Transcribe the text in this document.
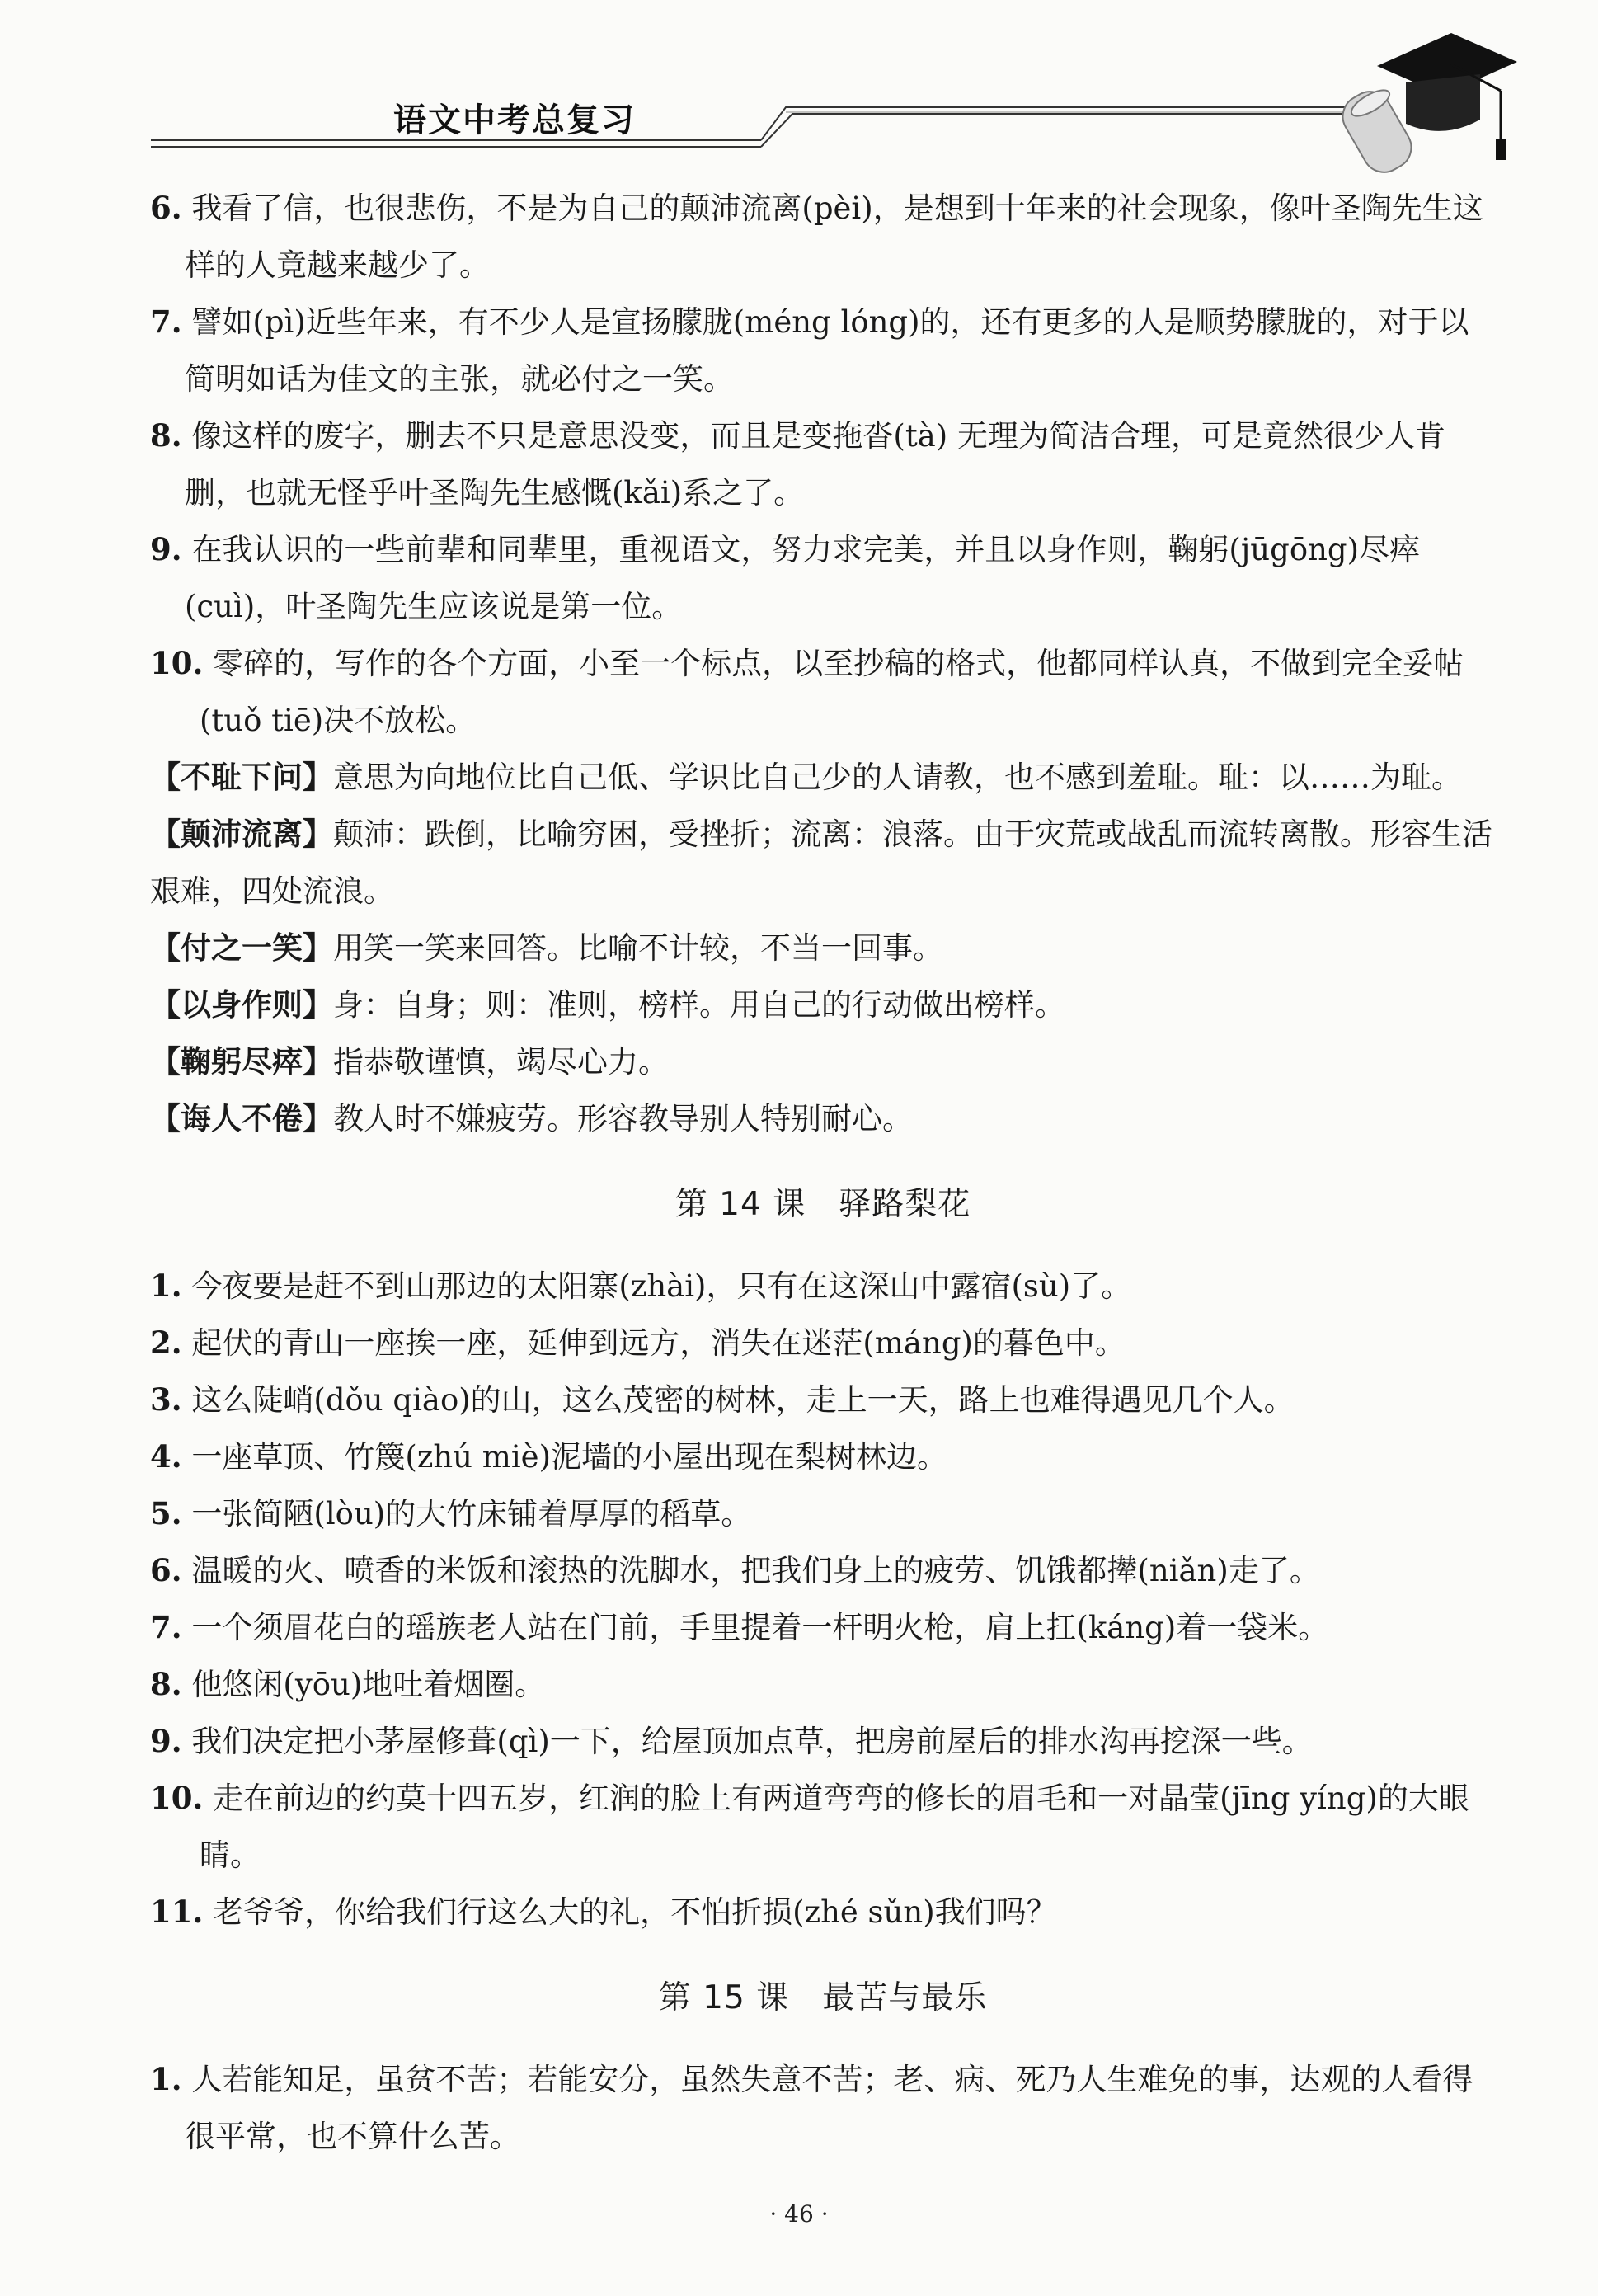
语文中考总复习

6. 我看了信，也很悲伤，不是为自己的颠沛流离(pèi)，是想到十年来的社会现象，像叶圣陶先生这样的人竟越来越少了。

7. 譬如(pì)近些年来，有不少人是宣扬朦胧(méng lóng)的，还有更多的人是顺势朦胧的，对于以简明如话为佳文的主张，就必付之一笑。

8. 像这样的废字，删去不只是意思没变，而且是变拖沓(tà) 无理为简洁合理，可是竟然很少人肯删，也就无怪乎叶圣陶先生感慨(kǎi)系之了。

9. 在我认识的一些前辈和同辈里，重视语文，努力求完美，并且以身作则，鞠躬(jūgōng)尽瘁(cuì)，叶圣陶先生应该说是第一位。

10. 零碎的，写作的各个方面，小至一个标点，以至抄稿的格式，他都同样认真，不做到完全妥帖(tuǒ tiē)决不放松。

【不耻下问】意思为向地位比自己低、学识比自己少的人请教，也不感到羞耻。耻：以……为耻。

【颠沛流离】颠沛：跌倒，比喻穷困，受挫折；流离：浪落。由于灾荒或战乱而流转离散。形容生活艰难，四处流浪。

【付之一笑】用笑一笑来回答。比喻不计较，不当一回事。

【以身作则】身：自身；则：准则，榜样。用自己的行动做出榜样。

【鞠躬尽瘁】指恭敬谨慎，竭尽心力。

【诲人不倦】教人时不嫌疲劳。形容教导别人特别耐心。

第 14 课 驿路梨花

1. 今夜要是赶不到山那边的太阳寨(zhài)，只有在这深山中露宿(sù)了。

2. 起伏的青山一座挨一座，延伸到远方，消失在迷茫(máng)的暮色中。

3. 这么陡峭(dǒu qiào)的山，这么茂密的树林，走上一天，路上也难得遇见几个人。

4. 一座草顶、竹篾(zhú miè)泥墙的小屋出现在梨树林边。

5. 一张简陋(lòu)的大竹床铺着厚厚的稻草。

6. 温暖的火、喷香的米饭和滚热的洗脚水，把我们身上的疲劳、饥饿都撵(niǎn)走了。

7. 一个须眉花白的瑶族老人站在门前，手里提着一杆明火枪，肩上扛(káng)着一袋米。

8. 他悠闲(yōu)地吐着烟圈。

9. 我们决定把小茅屋修葺(qì)一下，给屋顶加点草，把房前屋后的排水沟再挖深一些。

10. 走在前边的约莫十四五岁，红润的脸上有两道弯弯的修长的眉毛和一对晶莹(jīng yíng)的大眼睛。

11. 老爷爷，你给我们行这么大的礼，不怕折损(zhé sǔn)我们吗？

第 15 课 最苦与最乐

1. 人若能知足，虽贫不苦；若能安分，虽然失意不苦；老、病、死乃人生难免的事，达观的人看得很平常，也不算什么苦。

· 46 ·
